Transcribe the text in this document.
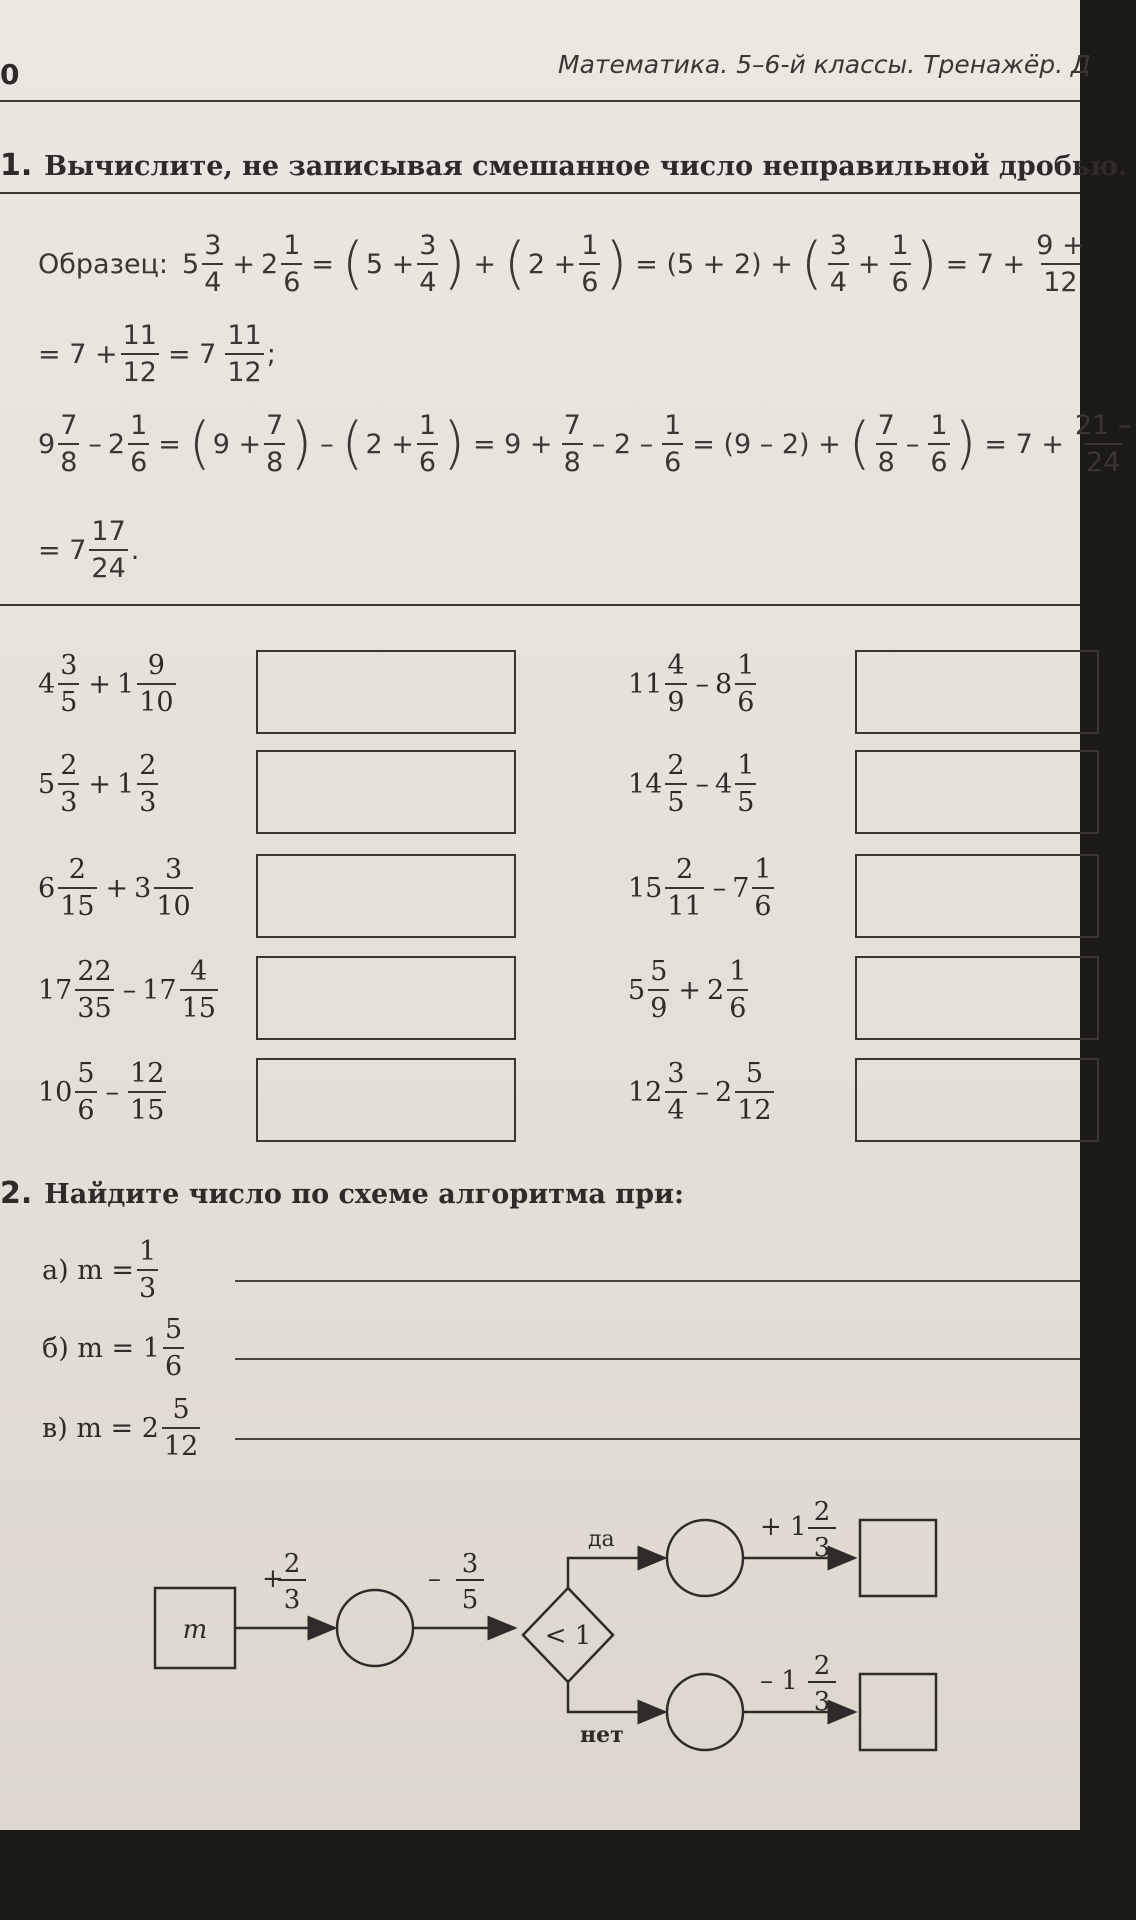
0	Математика. 5–6-й классы. Тренажёр. Д
1. Вычислите, не записывая смешанное число неправильной дробью.
Образец: $5 \frac{3}{4} + 2 \frac{1}{6}$ = ( $5 + \frac{3}{4}$ ) + ( $2 + \frac{1}{6}$ ) = (5 + 2) + ( $\frac{3}{4} + \frac{1}{6}$ ) = $7 + \frac{9 +}{12}$
= $7 + \frac{11}{12} = 7 \frac{11}{12}$ ;
$9 \frac{7}{8} - 2 \frac{1}{6}$ = ( $9 + \frac{7}{8}$ ) – ( $2 + \frac{1}{6}$ ) = $9 + \frac{7}{8} - 2 - \frac{1}{6} = (9 - 2)$ + ( $\frac{7}{8} - \frac{1}{6}$ ) = $7 + \frac{21 -}{24}$
= $7 \frac{17}{24}$ .
$4 \frac{3}{5} + 1 \frac{9}{10}$
$5 \frac{2}{3} + 1 \frac{2}{3}$
$6 \frac{2}{15} + 3 \frac{3}{10}$
$17 \frac{22}{35} - 17 \frac{4}{15}$
$10 \frac{5}{6} - \frac{12}{15}$
$11 \frac{4}{9} - 8 \frac{1}{6}$
$14 \frac{2}{5} - 4 \frac{1}{5}$
$15 \frac{2}{11} - 7 \frac{1}{6}$
$5 \frac{5}{9} + 2 \frac{1}{6}$
$12 \frac{3}{4} - 2 \frac{5}{12}$
2. Найдите число по схеме алгоритма при:
а) $m = \frac{1}{3}$
б) $m = 1 \frac{5}{6}$
в) $m = 2 \frac{5}{12}$
m
+ 2
3
– 3
5
< 1
да
нет
+ 1 2
3
– 1 2
3
